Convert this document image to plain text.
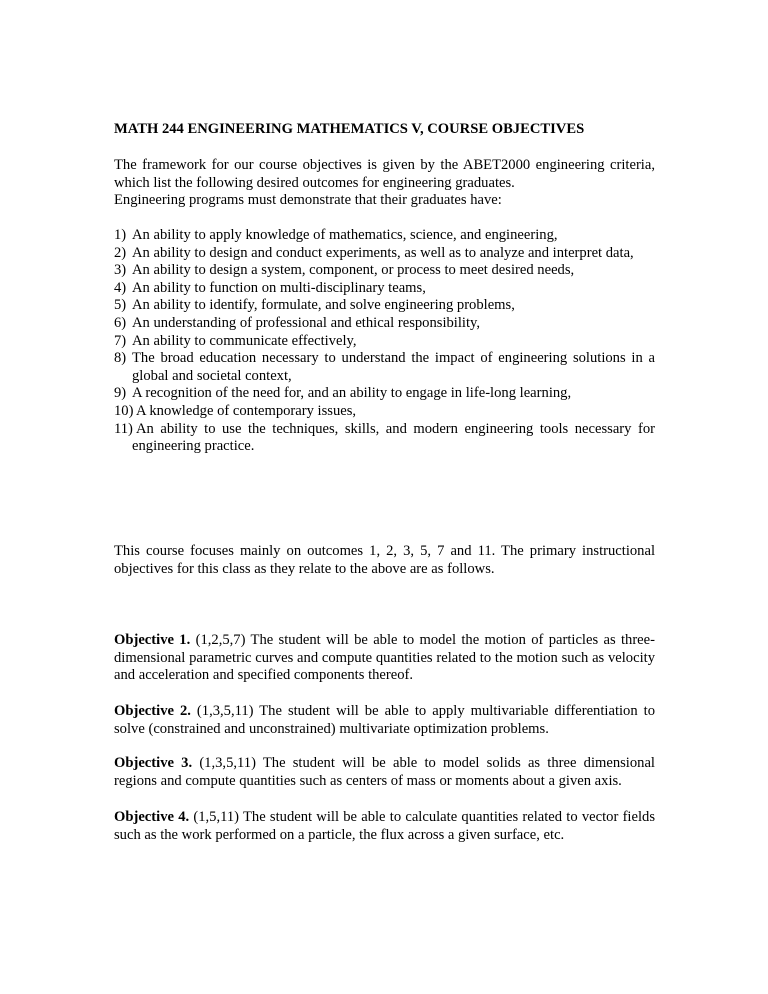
MATH 244 ENGINEERING MATHEMATICS V, COURSE OBJECTIVES

The framework for our course objectives is given by the ABET2000 engineering criteria, which list the following desired outcomes for engineering graduates.
Engineering programs must demonstrate that their graduates have:

1) An ability to apply knowledge of mathematics, science, and engineering,
2) An ability to design and conduct experiments, as well as to analyze and interpret data,
3) An ability to design a system, component, or process to meet desired needs,
4) An ability to function on multi-disciplinary teams,
5) An ability to identify, formulate, and solve engineering problems,
6) An understanding of professional and ethical responsibility,
7) An ability to communicate effectively,
8) The broad education necessary to understand the impact of engineering solutions in a global and societal context,
9) A recognition of the need for, and an ability to engage in life-long learning,
10) A knowledge of contemporary issues,
11) An ability to use the techniques, skills, and modern engineering tools necessary for engineering practice.

This course focuses mainly on outcomes 1, 2, 3, 5, 7 and 11. The primary instructional objectives for this class as they relate to the above are as follows.

Objective 1. (1,2,5,7) The student will be able to model the motion of particles as three-dimensional parametric curves and compute quantities related to the motion such as velocity and acceleration and specified components thereof.

Objective 2. (1,3,5,11) The student will be able to apply multivariable differentiation to solve (constrained and unconstrained) multivariate optimization problems.

Objective 3. (1,3,5,11) The student will be able to model solids as three dimensional regions and compute quantities such as centers of mass or moments about a given axis.

Objective 4. (1,5,11) The student will be able to calculate quantities related to vector fields such as the work performed on a particle, the flux across a given surface, etc.
